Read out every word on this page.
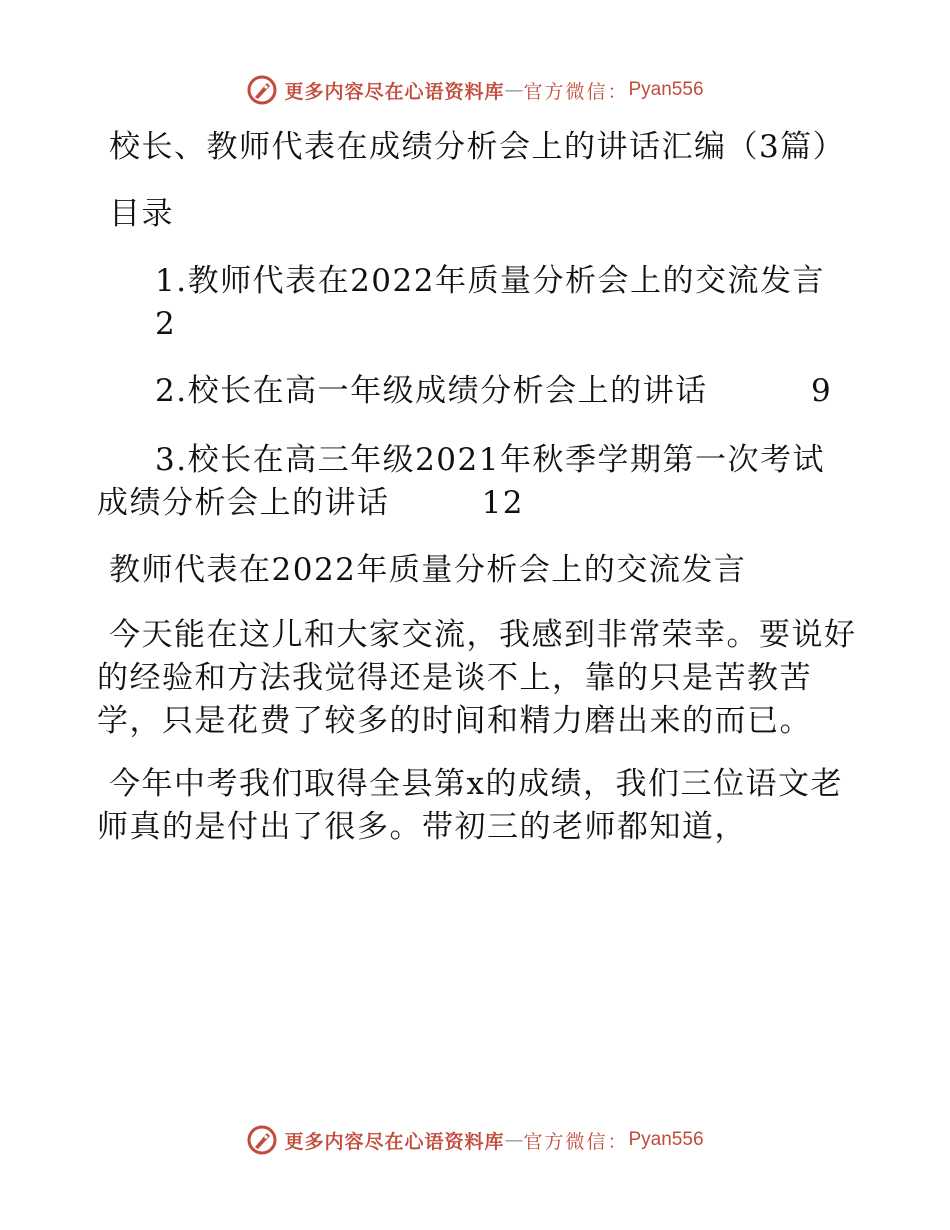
更多内容尽在心语资料库 — 官方微信： Pyan556

校长、教师代表在成绩分析会上的讲话汇编（3篇）

目录

1.教师代表在2022年质量分析会上的交流发言
2

2.校长在高一年级成绩分析会上的讲话	9

3.校长在高三年级2021年秋季学期第一次考试成绩分析会上的讲话	12

教师代表在2022年质量分析会上的交流发言

今天能在这儿和大家交流，我感到非常荣幸。要说好的经验和方法我觉得还是谈不上，靠的只是苦教苦学，只是花费了较多的时间和精力磨出来的而已。

今年中考我们取得全县第x的成绩，我们三位语文老师真的是付出了很多。带初三的老师都知道，

更多内容尽在心语资料库 — 官方微信： Pyan556
